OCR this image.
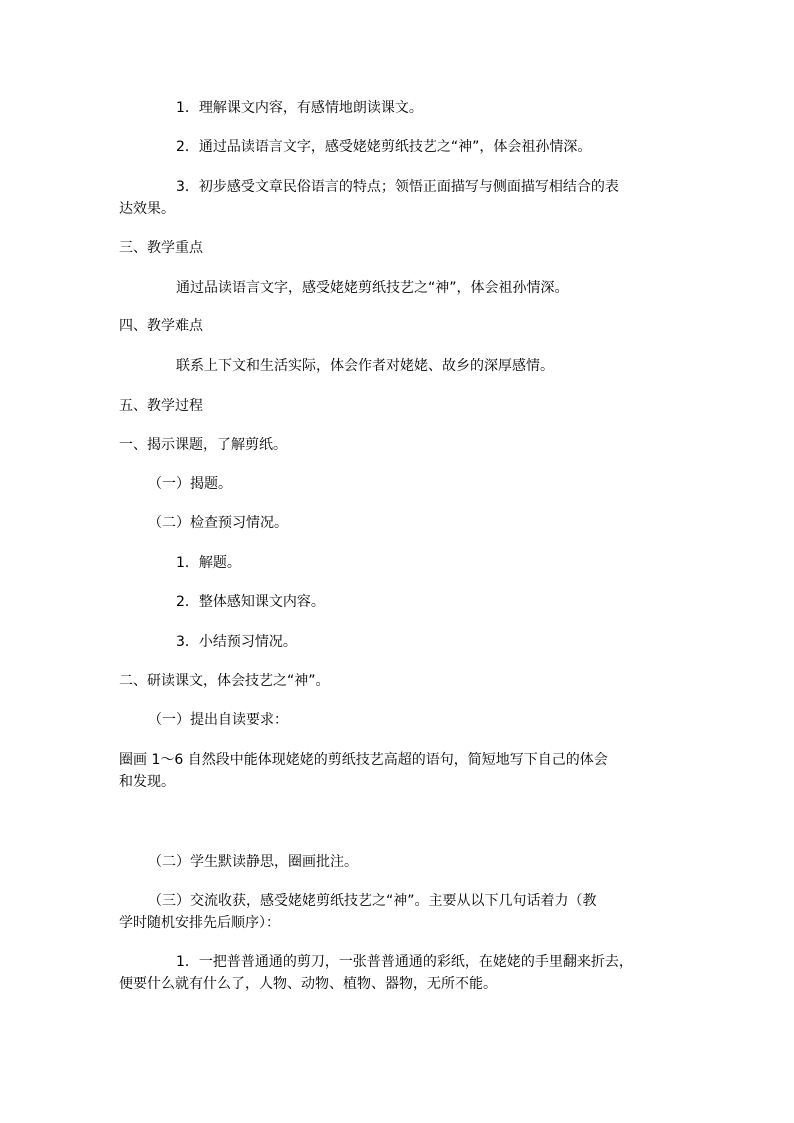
1．理解课文内容，有感情地朗读课文。

2．通过品读语言文字，感受姥姥剪纸技艺之“神”，体会祖孙情深。

3．初步感受文章民俗语言的特点；领悟正面描写与侧面描写相结合的表

达效果。

三、教学重点

通过品读语言文字，感受姥姥剪纸技艺之“神”，体会祖孙情深。

四、教学难点

联系上下文和生活实际，体会作者对姥姥、故乡的深厚感情。

五、教学过程

一、揭示课题，了解剪纸。

（一）揭题。

（二）检查预习情况。

1．解题。

2．整体感知课文内容。

3．小结预习情况。

二、研读课文，体会技艺之“神”。

（一）提出自读要求：

圈画 1～6 自然段中能体现姥姥的剪纸技艺高超的语句，简短地写下自己的体会

和发现。

（二）学生默读静思，圈画批注。

（三）交流收获，感受姥姥剪纸技艺之“神”。主要从以下几句话着力（教

学时随机安排先后顺序）：

1．一把普普通通的剪刀，一张普普通通的彩纸，在姥姥的手里翻来折去，

便要什么就有什么了，人物、动物、植物、器物，无所不能。
